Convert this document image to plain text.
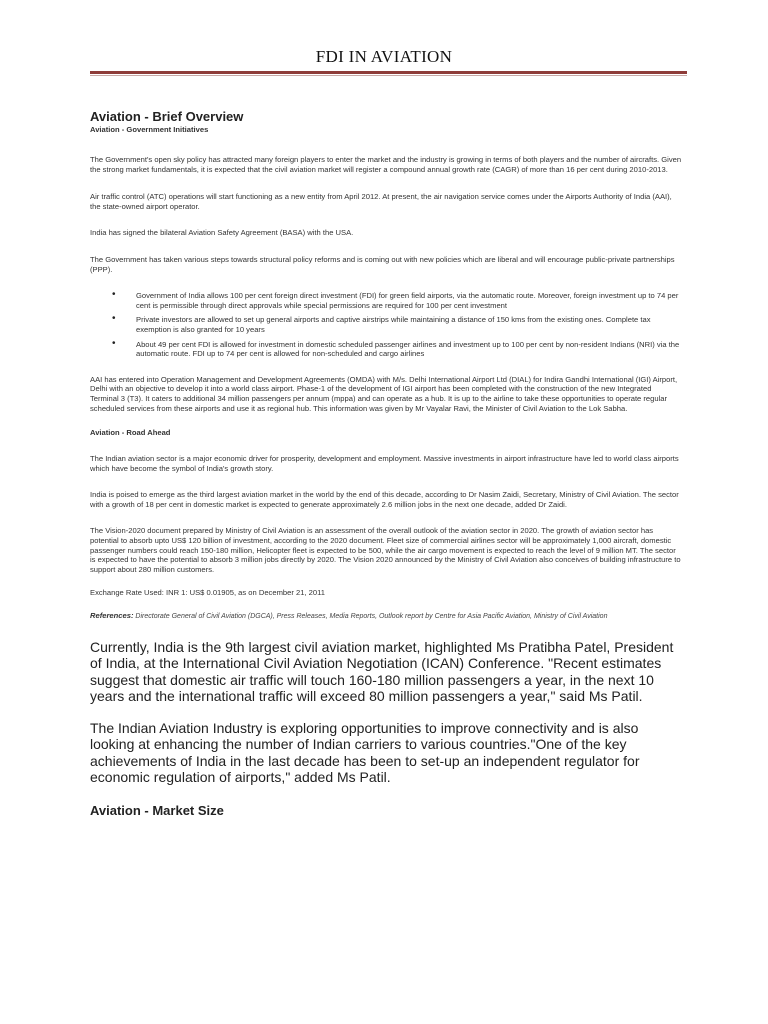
FDI IN AVIATION
Aviation - Brief Overview
Aviation - Government Initiatives

The Government's open sky policy has attracted many foreign players to enter the market and the industry is growing in terms of both players and the number of aircrafts. Given the strong market fundamentals, it is expected that the civil aviation market will register a compound annual growth rate (CAGR) of more than 16 per cent during 2010-2013.

Air traffic control (ATC) operations will start functioning as a new entity from April 2012. At present, the air navigation service comes under the Airports Authority of India (AAI), the state-owned airport operator.

India has signed the bilateral Aviation Safety Agreement (BASA) with the USA.

The Government has taken various steps towards structural policy reforms and is coming out with new policies which are liberal and will encourage public-private partnerships (PPP).

• Government of India allows 100 per cent foreign direct investment (FDI) for green field airports, via the automatic route. Moreover, foreign investment up to 74 per cent is permissible through direct approvals while special permissions are required for 100 per cent investment
• Private investors are allowed to set up general airports and captive airstrips while maintaining a distance of 150 kms from the existing ones. Complete tax exemption is also granted for 10 years
• About 49 per cent FDI is allowed for investment in domestic scheduled passenger airlines and investment up to 100 per cent by non-resident Indians (NRI) via the automatic route. FDI up to 74 per cent is allowed for non-scheduled and cargo airlines

AAI has entered into Operation Management and Development Agreements (OMDA) with M/s. Delhi International Airport Ltd (DIAL) for Indira Gandhi International (IGI) Airport, Delhi with an objective to develop it into a world class airport. Phase-1 of the development of IGI airport has been completed with the construction of the new Integrated Terminal 3 (T3). It caters to additional 34 million passengers per annum (mppa) and can operate as a hub. It is up to the airline to take these opportunities to operate regular scheduled services from these airports and use it as regional hub. This information was given by Mr Vayalar Ravi, the Minister of Civil Aviation to the Lok Sabha.

Aviation - Road Ahead

The Indian aviation sector is a major economic driver for prosperity, development and employment. Massive investments in airport infrastructure have led to world class airports which have become the symbol of India's growth story.

India is poised to emerge as the third largest aviation market in the world by the end of this decade, according to Dr Nasim Zaidi, Secretary, Ministry of Civil Aviation. The sector with a growth of 18 per cent in domestic market is expected to generate approximately 2.6 million jobs in the next one decade, added Dr Zaidi.

The Vision-2020 document prepared by Ministry of Civil Aviation is an assessment of the overall outlook of the aviation sector in 2020. The growth of aviation sector has potential to absorb upto US$ 120 billion of investment, according to the 2020 document. Fleet size of commercial airlines sector will be approximately 1,000 aircraft, domestic passenger numbers could reach 150-180 million, Helicopter fleet is expected to be 500, while the air cargo movement is expected to reach the level of 9 million MT. The sector is expected to have the potential to absorb 3 million jobs directly by 2020. The Vision 2020 announced by the Ministry of Civil Aviation also conceives of building infrastructure to support about 280 million customers.

Exchange Rate Used: INR 1: US$ 0.01905, as on December 21, 2011

References: Directorate General of Civil Aviation (DGCA), Press Releases, Media Reports, Outlook report by Centre for Asia Pacific Aviation, Ministry of Civil Aviation

Currently, India is the 9th largest civil aviation market, highlighted Ms Pratibha Patel, President of India, at the International Civil Aviation Negotiation (ICAN) Conference. "Recent estimates suggest that domestic air traffic will touch 160-180 million passengers a year, in the next 10 years and the international traffic will exceed 80 million passengers a year," said Ms Patil.

The Indian Aviation Industry is exploring opportunities to improve connectivity and is also looking at enhancing the number of Indian carriers to various countries."One of the key achievements of India in the last decade has been to set-up an independent regulator for economic regulation of airports," added Ms Patil.

Aviation - Market Size
